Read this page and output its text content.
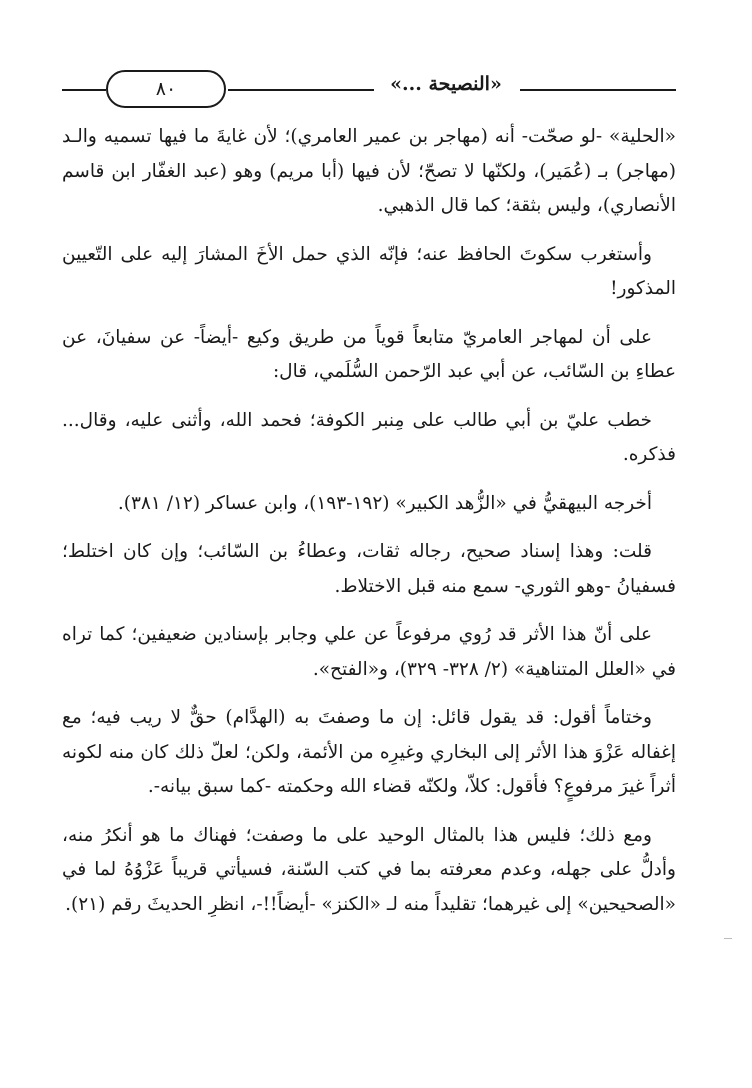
«النصيحة ...»
٨٠

«الحلية» -لو صحّت- أنه (مهاجر بن عمير العامري)؛ لأن غايةَ ما فيها تسميه والـد (مهاجر) بـ (عُمَير)، ولكنّها لا تصحّ؛ لأن فيها (أبا مريم) وهو (عبد الغفّار ابن قاسم الأنصاري)، وليس بثقة؛ كما قال الذهبي.

وأستغرب سكوتَ الحافظ عنه؛ فإنّه الذي حمل الأخَ المشارَ إليه على التّعيين المذكور!

على أن لمهاجر العامريّ متابعاً قوياً من طريق وكيع -أيضاً- عن سفيانَ، عن عطاءِ بن السّائب، عن أبي عبد الرّحمن السُّلَمي، قال:

خطب عليّ بن أبي طالب على مِنبر الكوفة؛ فحمد الله، وأثنى عليه، وقال... فذكره.

أخرجه البيهقيُّ في «الزُّهد الكبير» (١٩٢-١٩٣)، وابن عساكر (١٢/ ٣٨١).

قلت: وهذا إسناد صحيح، رجاله ثقات، وعطاءُ بن السّائب؛ وإن كان اختلط؛ فسفيانُ -وهو الثوري- سمع منه قبل الاختلاط.

على أنّ هذا الأثر قد رُوي مرفوعاً عن علي وجابر بإسنادين ضعيفين؛ كما تراه في «العلل المتناهية» (٢/ ٣٢٨- ٣٢٩)، و«الفتح».

وختاماً أقول: قد يقول قائل: إن ما وصفتَ به (الهدَّام) حقٌّ لا ريب فيه؛ مع إغفاله عَزْوَ هذا الأثر إلى البخاري وغيرِه من الأئمة، ولكن؛ لعلّ ذلك كان منه لكونه أثراً غيرَ مرفوعٍ؟ فأقول: كلاّ، ولكنّه قضاء الله وحكمته -كما سبق بيانه-.

ومع ذلك؛ فليس هذا بالمثال الوحيد على ما وصفت؛ فهناك ما هو أنكرُ منه، وأدلُّ على جهله، وعدم معرفته بما في كتب السّنة، فسيأتي قريباً عَزْوُهُ لما في «الصحيحين» إلى غيرهما؛ تقليداً منه لـ «الكنز» -أيضاً!!-، انظرِ الحديثَ رقم (٢١).
